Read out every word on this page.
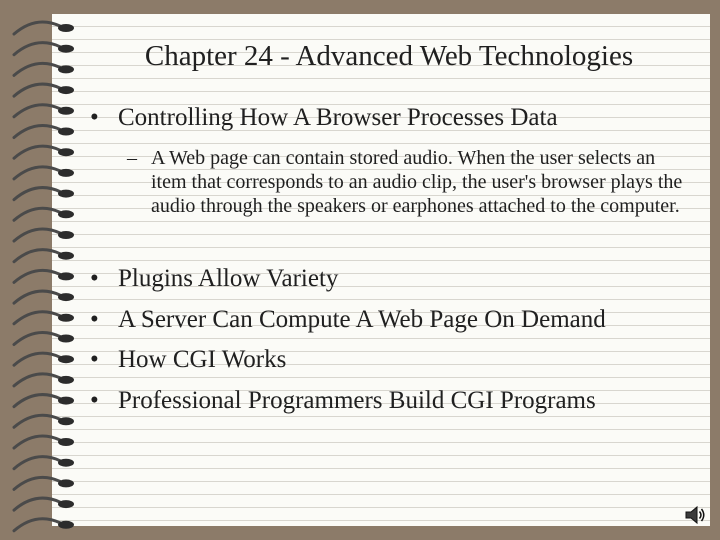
Chapter 24 - Advanced Web Technologies
• Controlling How A Browser Processes Data
– A Web page can contain stored audio. When the user selects an item that corresponds to an audio clip, the user's browser plays the audio through the speakers or earphones attached to the computer.
• Plugins Allow Variety
• A Server Can Compute A Web Page On Demand
• How CGI Works
• Professional Programmers Build CGI Programs
